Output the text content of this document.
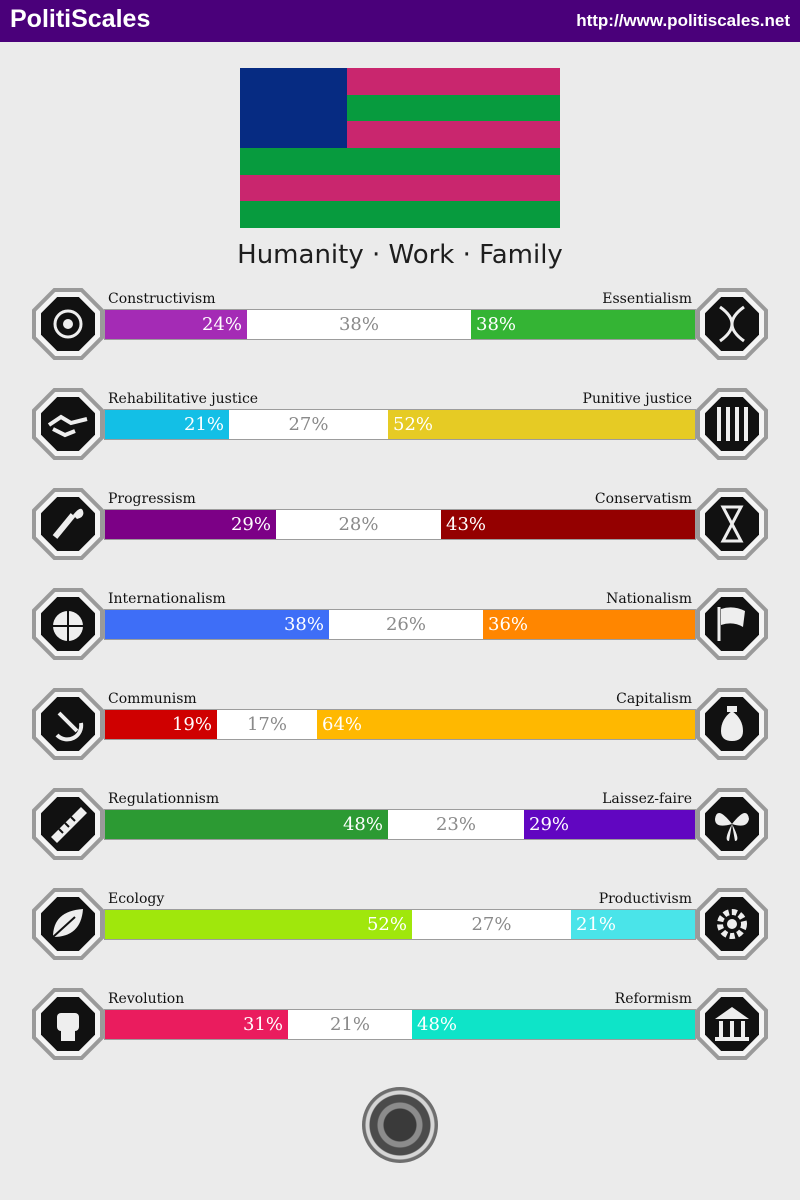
PolitiScales	http://www.politiscales.net
Humanity · Work · Family
Constructivism	Essentialism
24%	38%	38%
Rehabilitative justice	Punitive justice
21%	27%	52%
Progressism	Conservatism
29%	28%	43%
Internationalism	Nationalism
38%	26%	36%
Communism	Capitalism
19%	17%	64%
Regulationnism	Laissez-faire
48%	23%	29%
Ecology	Productivism
52%	27%	21%
Revolution	Reformism
31%	21%	48%
